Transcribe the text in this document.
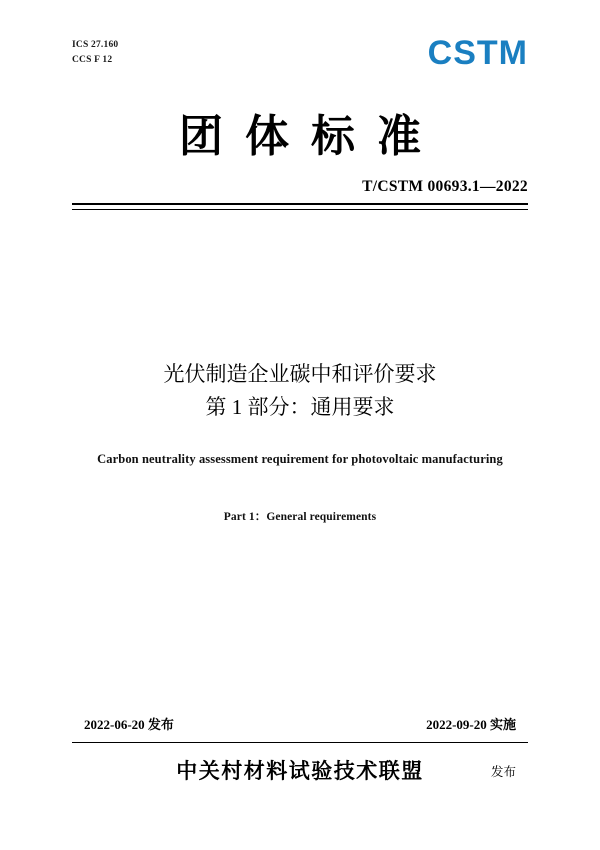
ICS 27.160
CCS F 12	CSTM
团体标准
T/CSTM 00693.1—2022
光伏制造企业碳中和评价要求
第 1 部分：通用要求
Carbon neutrality assessment requirement for photovoltaic manufacturing
Part 1：General requirements
2022-06-20 发布	2022-09-20 实施
中关村材料试验技术联盟	发布
